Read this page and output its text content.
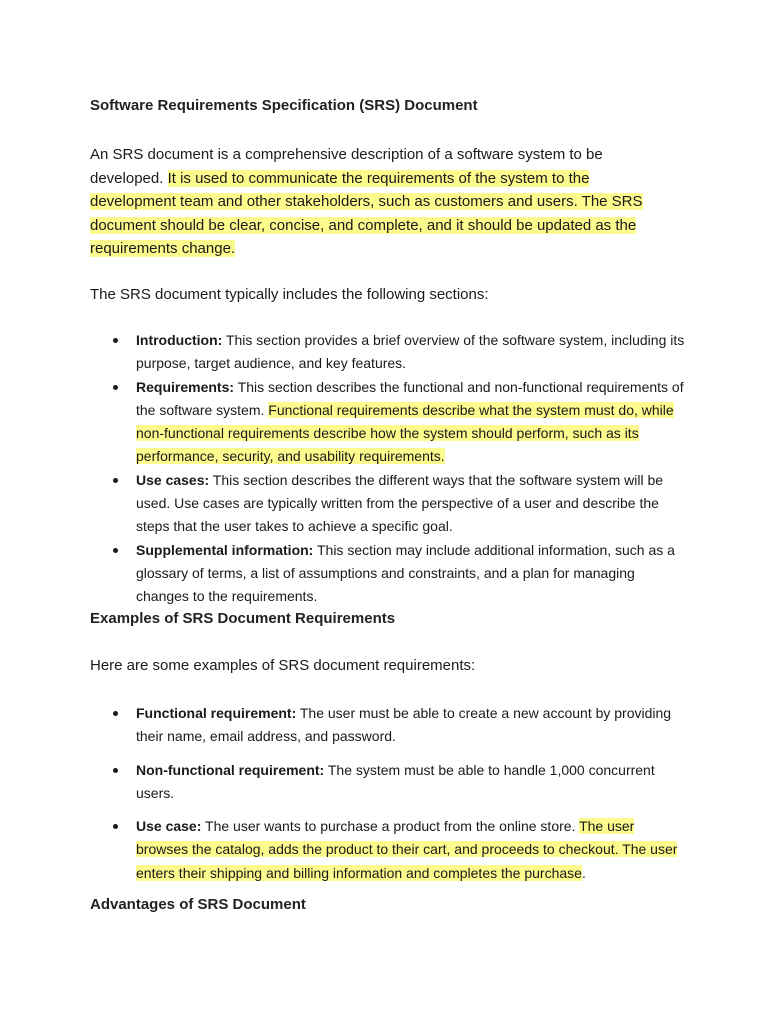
Software Requirements Specification (SRS) Document

An SRS document is a comprehensive description of a software system to be developed. It is used to communicate the requirements of the system to the development team and other stakeholders, such as customers and users. The SRS document should be clear, concise, and complete, and it should be updated as the requirements change.

The SRS document typically includes the following sections:

Introduction: This section provides a brief overview of the software system, including its purpose, target audience, and key features.
Requirements: This section describes the functional and non-functional requirements of the software system. Functional requirements describe what the system must do, while non-functional requirements describe how the system should perform, such as its performance, security, and usability requirements.
Use cases: This section describes the different ways that the software system will be used. Use cases are typically written from the perspective of a user and describe the steps that the user takes to achieve a specific goal.
Supplemental information: This section may include additional information, such as a glossary of terms, a list of assumptions and constraints, and a plan for managing changes to the requirements.
Examples of SRS Document Requirements

Here are some examples of SRS document requirements:

Functional requirement: The user must be able to create a new account by providing their name, email address, and password.
Non-functional requirement: The system must be able to handle 1,000 concurrent users.
Use case: The user wants to purchase a product from the online store. The user browses the catalog, adds the product to their cart, and proceeds to checkout. The user enters their shipping and billing information and completes the purchase.
Advantages of SRS Document
